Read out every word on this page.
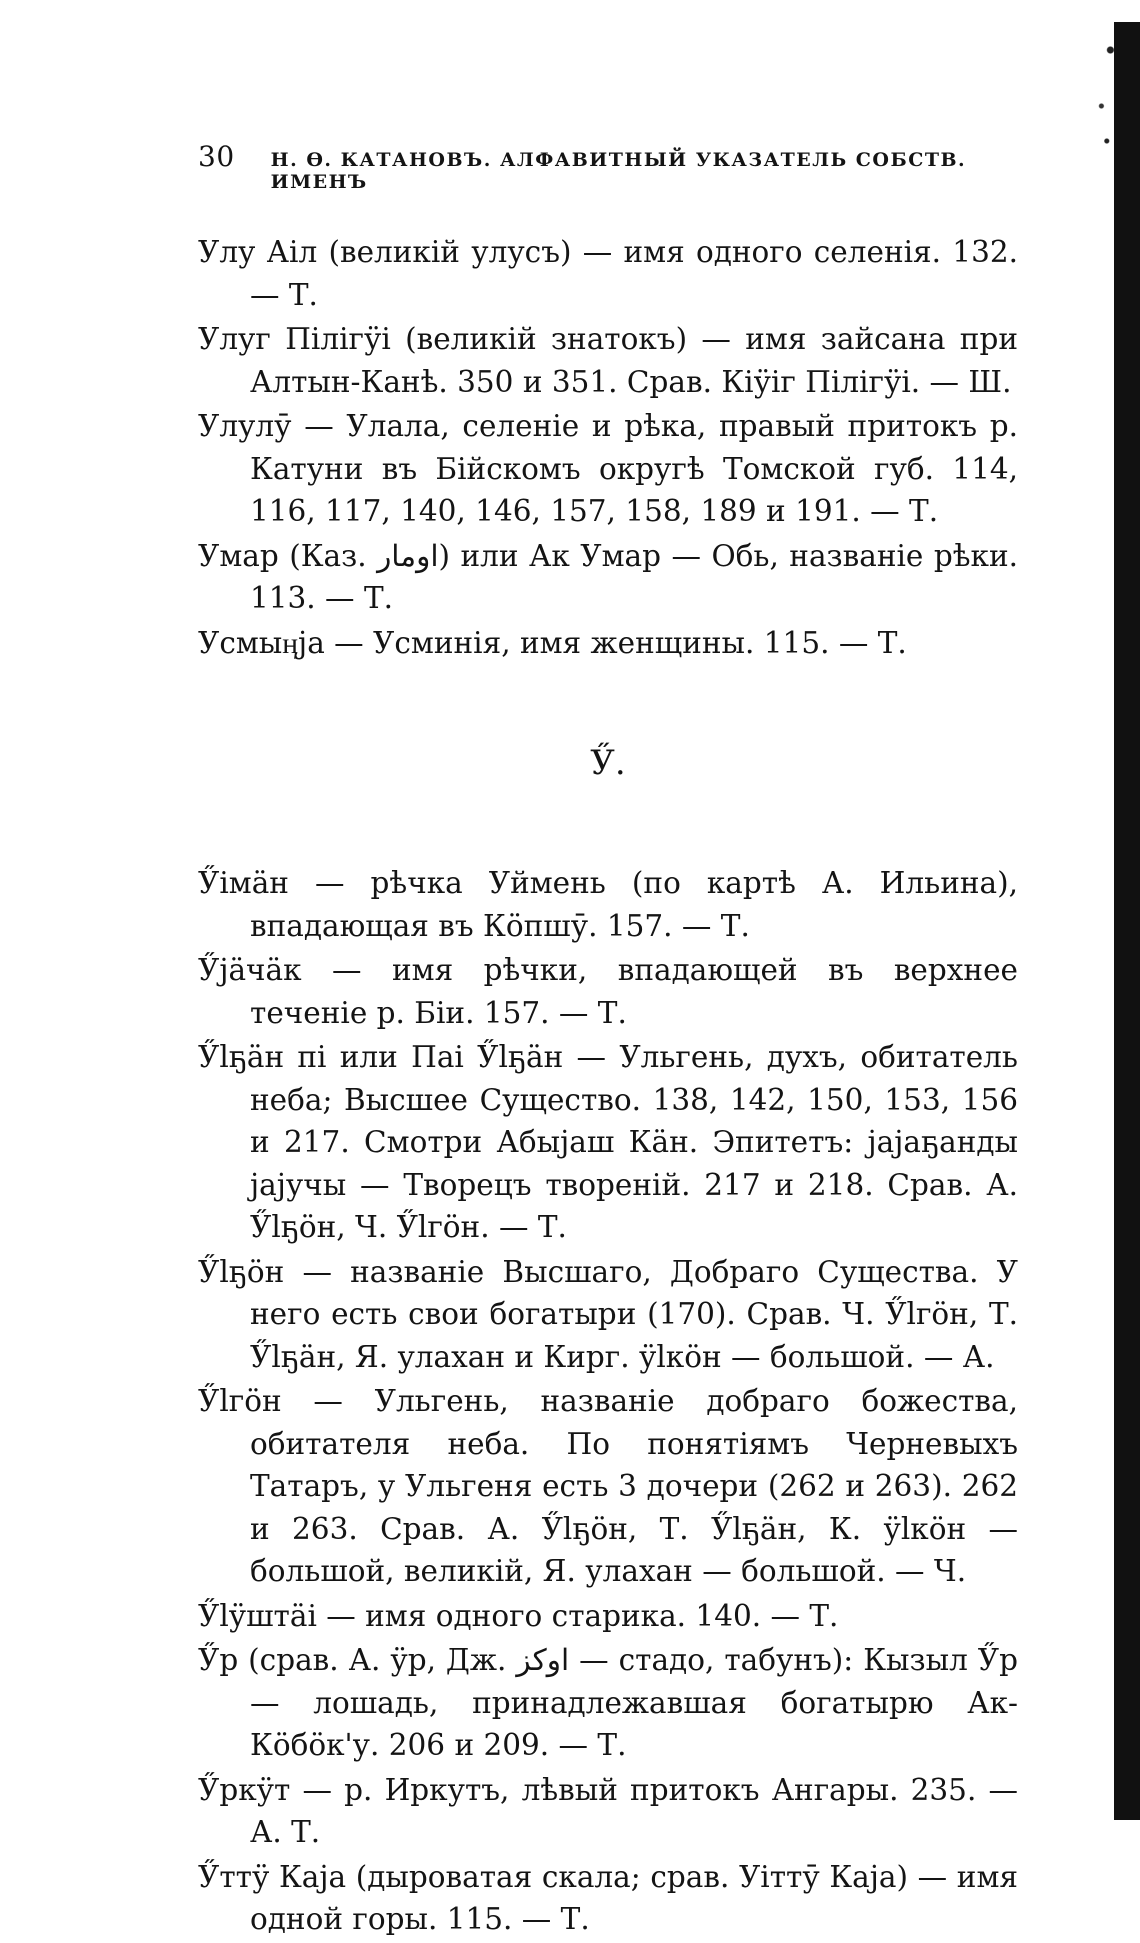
30 Н. Ѳ. КАТАНОВЪ. АЛФАВИТНЫЙ УКАЗАТЕЛЬ СОБСТВ. ИМЕНЪ

Улу Аіл (великій улусъ) — имя одного селенія. 132. — Т.

Улуг Пілігӱі (великій знатокъ) — имя зайсана при Алтын-Канѣ. 350 и 351. Срав. Кіӱіг Пілігӱі. — Ш.

Улулӯ — Улала, селеніе и рѣка, правый притокъ р. Катуни въ Бійскомъ округѣ Томской губ. 114, 116, 117, 140, 146, 157, 158, 189 и 191. — Т.

Умар (Каз. اومار) или Ак Умар — Обь, названіе рѣки. 113. — Т.

Усмыӊја — Усминія, имя женщины. 115. — Т.

Ӳ.

Ӳімӓн — рѣчка Уймень (по картѣ А. Ильина), впадающая въ Кӧпшӯ. 157. — Т.

Ӳјӓчӓк — имя рѣчки, впадающей въ верхнее теченіе р. Біи. 157. — Т.

Ӳlҕӓн пі или Паі Ӳlҕӓн — Ульгень, духъ, обитатель неба; Высшее Существо. 138, 142, 150, 153, 156 и 217. Смотри Абыјаш Кӓн. Эпитетъ: јајаҕанды јајучы — Творецъ твореній. 217 и 218. Срав. А. Ӳlҕӧн, Ч. Ӳlгӧн. — Т.

Ӳlҕӧн — названіе Высшаго, Добраго Существа. У него есть свои богатыри (170). Срав. Ч. Ӳlгӧн, Т. Ӳlҕӓн, Я. улахан и Кирг. ӱlкӧн — большой. — А.

Ӳlгӧн — Ульгень, названіе добраго божества, обитателя неба. По понятіямъ Черневыхъ Татаръ, у Ульгеня есть 3 дочери (262 и 263). 262 и 263. Срав. А. Ӳlҕӧн, Т. Ӳlҕӓн, К. ӱlкӧн — большой, великій, Я. улахан — большой. — Ч.

Ӳlӱштӓі — имя одного старика. 140. — Т.

Ӳр (срав. А. ӱр, Дж. اوكز — стадо, табунъ): Кызыл Ӳр — лошадь, принадлежавшая богатырю Ак-Кӧбӧк'у. 206 и 209. — Т.

Ӳркӱт — р. Иркутъ, лѣвый притокъ Ангары. 235. — А. Т.

Ӳттӱ Каја (дыроватая скала; срав. Уіттӯ Каја) — имя одной горы. 115. — Т.
